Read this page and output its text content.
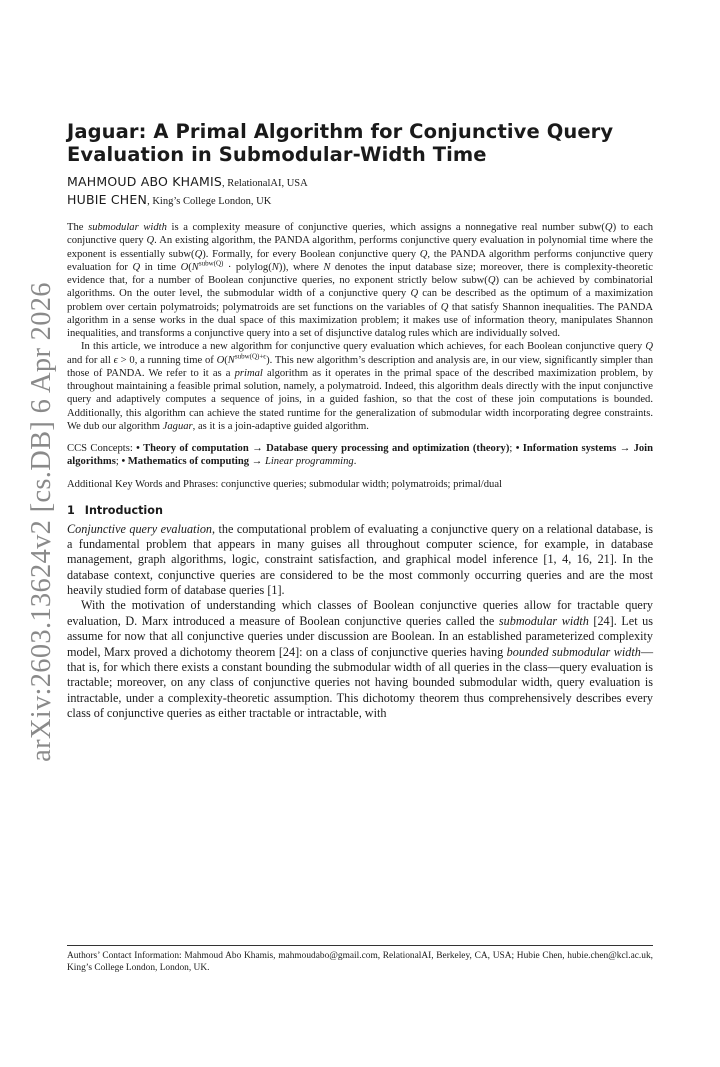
arXiv:2603.13624v2 [cs.DB] 6 Apr 2026
Jaguar: A Primal Algorithm for Conjunctive Query Evaluation in Submodular-Width Time

MAHMOUD ABO KHAMIS, RelationalAI, USA

HUBIE CHEN, King’s College London, UK

The submodular width is a complexity measure of conjunctive queries, which assigns a nonnegative real number subw(Q) to each conjunctive query Q. An existing algorithm, the PANDA algorithm, performs conjunctive query evaluation in polynomial time where the exponent is essentially subw(Q). Formally, for every Boolean conjunctive query Q, the PANDA algorithm performs conjunctive query evaluation for Q in time $O(N^{subw(Q)}$ · polylog(N)), where N denotes the input database size; moreover, there is complexity-theoretic evidence that, for a number of Boolean conjunctive queries, no exponent strictly below subw(Q) can be achieved by combinatorial algorithms. On the outer level, the submodular width of a conjunctive query Q can be described as the optimum of a maximization problem over certain polymatroids; polymatroids are set functions on the variables of Q that satisfy Shannon inequalities. The PANDA algorithm in a sense works in the dual space of this maximization problem; it makes use of information theory, manipulates Shannon inequalities, and transforms a conjunctive query into a set of disjunctive datalog rules which are individually solved.

In this article, we introduce a new algorithm for conjunctive query evaluation which achieves, for each Boolean conjunctive query Q and for all ϵ > 0, a running time of $O(N^{subw(Q)+\epsilon})$. This new algorithm’s description and analysis are, in our view, significantly simpler than those of PANDA. We refer to it as a primal algorithm as it operates in the primal space of the described maximization problem, by throughout maintaining a feasible primal solution, namely, a polymatroid. Indeed, this algorithm deals directly with the input conjunctive query and adaptively computes a sequence of joins, in a guided fashion, so that the cost of these join computations is bounded. Additionally, this algorithm can achieve the stated runtime for the generalization of submodular width incorporating degree constraints. We dub our algorithm Jaguar, as it is a join-adaptive guided algorithm.

CCS Concepts: • Theory of computation → Database query processing and optimization (theory); • Information systems → Join algorithms; • Mathematics of computing → Linear programming.
Additional Key Words and Phrases: conjunctive queries; submodular width; polymatroids; primal/dual
1 Introduction

Conjunctive query evaluation, the computational problem of evaluating a conjunctive query on a relational database, is a fundamental problem that appears in many guises all throughout computer science, for example, in database management, graph algorithms, logic, constraint satisfaction, and graphical model inference [1, 4, 16, 21]. In the database context, conjunctive queries are considered to be the most commonly occurring queries and are the most heavily studied form of database queries [1].

With the motivation of understanding which classes of Boolean conjunctive queries allow for tractable query evaluation, D. Marx introduced a measure of Boolean conjunctive queries called the submodular width [24]. Let us assume for now that all conjunctive queries under discussion are Boolean. In an established parameterized complexity model, Marx proved a dichotomy theorem [24]: on a class of conjunctive queries having bounded submodular width—that is, for which there exists a constant bounding the submodular width of all queries in the class—query evaluation is tractable; moreover, on any class of conjunctive queries not having bounded submodular width, query evaluation is intractable, under a complexity-theoretic assumption. This dichotomy theorem thus comprehensively describes every class of conjunctive queries as either tractable or intractable, with

Authors’ Contact Information: Mahmoud Abo Khamis, mahmoudabo@gmail.com, RelationalAI, Berkeley, CA, USA; Hubie Chen, hubie.chen@kcl.ac.uk, King’s College London, London, UK.
